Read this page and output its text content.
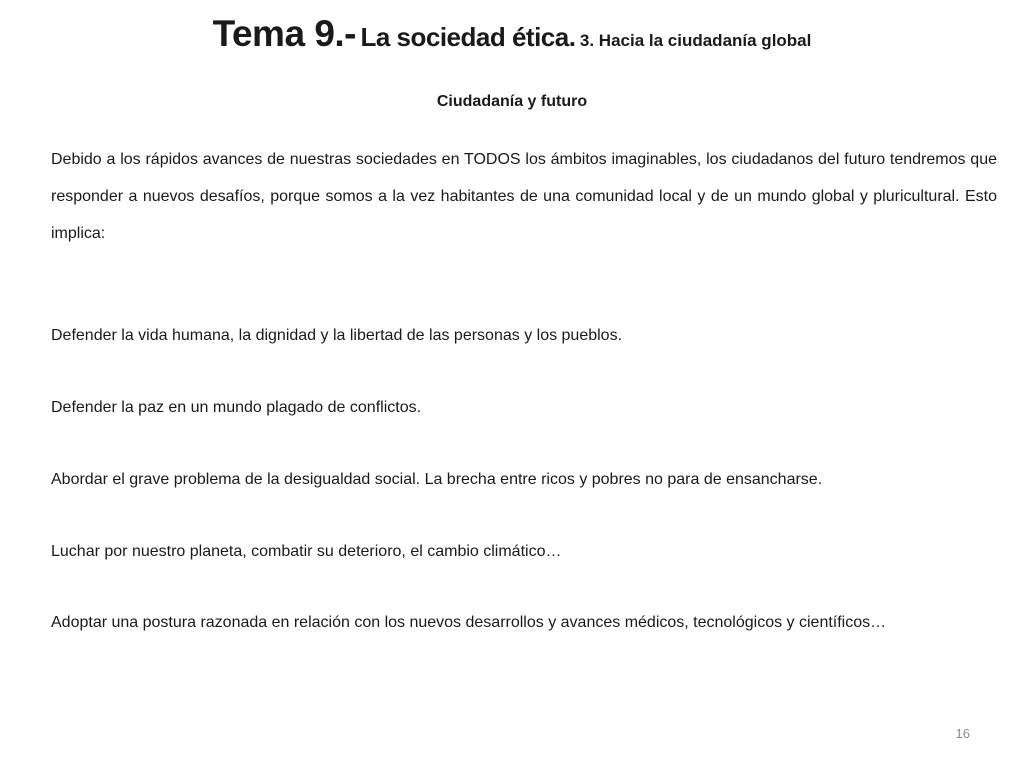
Tema 9.- La sociedad ética. 3. Hacia la ciudadanía global
Ciudadanía y futuro
Debido a los rápidos avances de nuestras sociedades en TODOS los ámbitos imaginables, los ciudadanos del futuro tendremos que responder a nuevos desafíos, porque somos a la vez habitantes de una comunidad local y de un mundo global y pluricultural. Esto implica:
Defender la vida humana, la dignidad y la libertad de las personas y los pueblos.
Defender la paz en un mundo plagado de conflictos.
Abordar el grave problema de la desigualdad social. La brecha entre ricos y pobres no para de ensancharse.
Luchar por nuestro planeta, combatir su deterioro, el cambio climático…
Adoptar una postura razonada en relación con los nuevos desarrollos y avances médicos, tecnológicos y científicos…
16
